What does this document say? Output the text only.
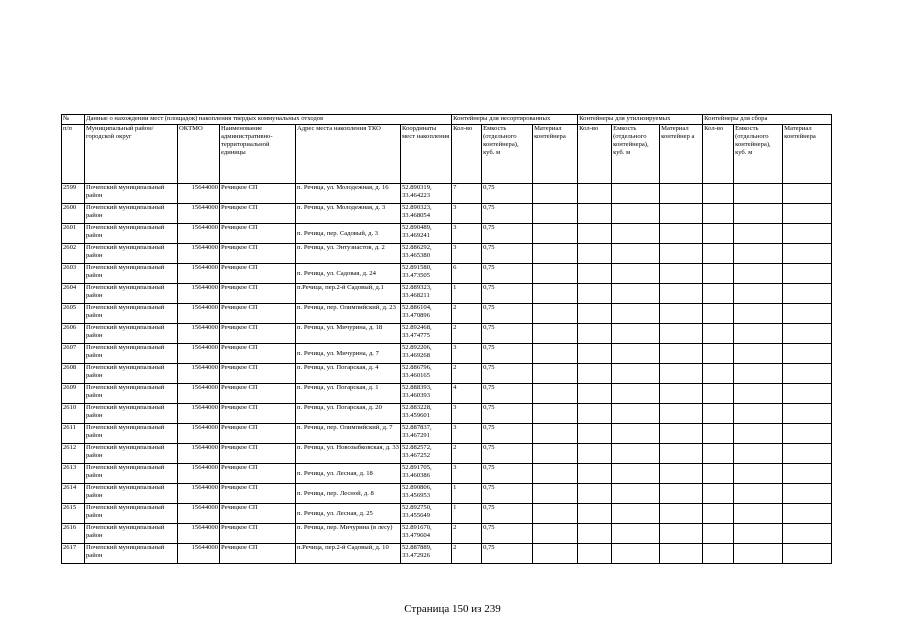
№	Данные о нахождении мест (площадок) накопления твердых коммунальных отходов					Контейнеры для несортированных			Контейнеры для утилизируемых			Контейнеры для сбора		
п/п	Муниципальный район/городской округ	ОКТМО	Наименование административно-территориальной единицы	Адрес места накопления ТКО	Координаты мест накопления	Кол-во	Емкость (отдельного контейнера), куб. м	Материал контейнера	Кол-во	Емкость (отдельного контейнера), куб. м	Материал контейнер а	Кол-во	Емкость (отдельного контейнера), куб. м	Материал контейнера
2599	Почепский муниципальный район	15644000	Речицкое СП	п. Речица, ул. Молодежная, д. 16	52.890319, 33.464223	7	0,75							
2600	Почепский муниципальный район	15644000	Речицкое СП	п. Речица, ул. Молодежная, д. 3	52.890323, 33.468054	3	0,75							
2601	Почепский муниципальный район	15644000	Речицкое СП	п. Речица, пер. Садовый, д. 3	52.890489, 33.469241	3	0,75							
2602	Почепский муниципальный район	15644000	Речицкое СП	п. Речица, ул. Энтузиастов, д. 2	52.886292, 33.465380	3	0,75							
2603	Почепский муниципальный район	15644000	Речицкое СП	п. Речица, ул. Садовая, д. 24	52.891580, 33.473505	6	0,75							
2604	Почепский муниципальный район	15644000	Речицкое СП	п.Речица, пер.2-й Садовый, д.1	52.889323, 33.468211	1	0,75							
2605	Почепский муниципальный район	15644000	Речицкое СП	п. Речица, пер. Олимпийский, д. 23	52.886104, 33.470896	2	0,75							
2606	Почепский муниципальный район	15644000	Речицкое СП	п. Речица, ул. Мичурина, д. 18	52.892468, 33.474775	2	0,75							
2607	Почепский муниципальный район	15644000	Речицкое СП	п. Речица, ул. Мичурина, д. 7	52.892206, 33.469268	3	0,75							
2608	Почепский муниципальный район	15644000	Речицкое СП	п. Речица, ул. Погарская, д. 4	52.886796, 33.460165	2	0,75							
2609	Почепский муниципальный район	15644000	Речицкое СП	п. Речица, ул. Погарская, д. 1	52.888393, 33.460393	4	0,75							
2610	Почепский муниципальный район	15644000	Речицкое СП	п. Речица, ул. Погарская, д. 20	52.883228, 33.459601	3	0,75							
2611	Почепский муниципальный район	15644000	Речицкое СП	п. Речица, пер. Олимпийский, д. 7	52.887837, 33.467291	3	0,75							
2612	Почепский муниципальный район	15644000	Речицкое СП	п. Речица, ул. Новозыбковская, д. 33	52.882572, 33.467252	2	0,75							
2613	Почепский муниципальный район	15644000	Речицкое СП	п. Речица, ул. Лесная, д. 18	52.891705, 33.460386	3	0,75							
2614	Почепский муниципальный район	15644000	Речицкое СП	п. Речица, пер. Лесной, д. 8	52.890806, 33.456953	1	0,75							
2615	Почепский муниципальный район	15644000	Речицкое СП	п. Речица, ул. Лесная, д. 25	52.892750, 33.455649	1	0,75							
2616	Почепский муниципальный район	15644000	Речицкое СП	п. Речица, пер. Мичурина (в лесу)	52.891670, 33.479604	2	0,75							
2617	Почепский муниципальный район	15644000	Речицкое СП	п.Речица, пер.2-й Садовый, д. 10	52.887889, 33.472926	2	0,75							
Страница 150 из 239
